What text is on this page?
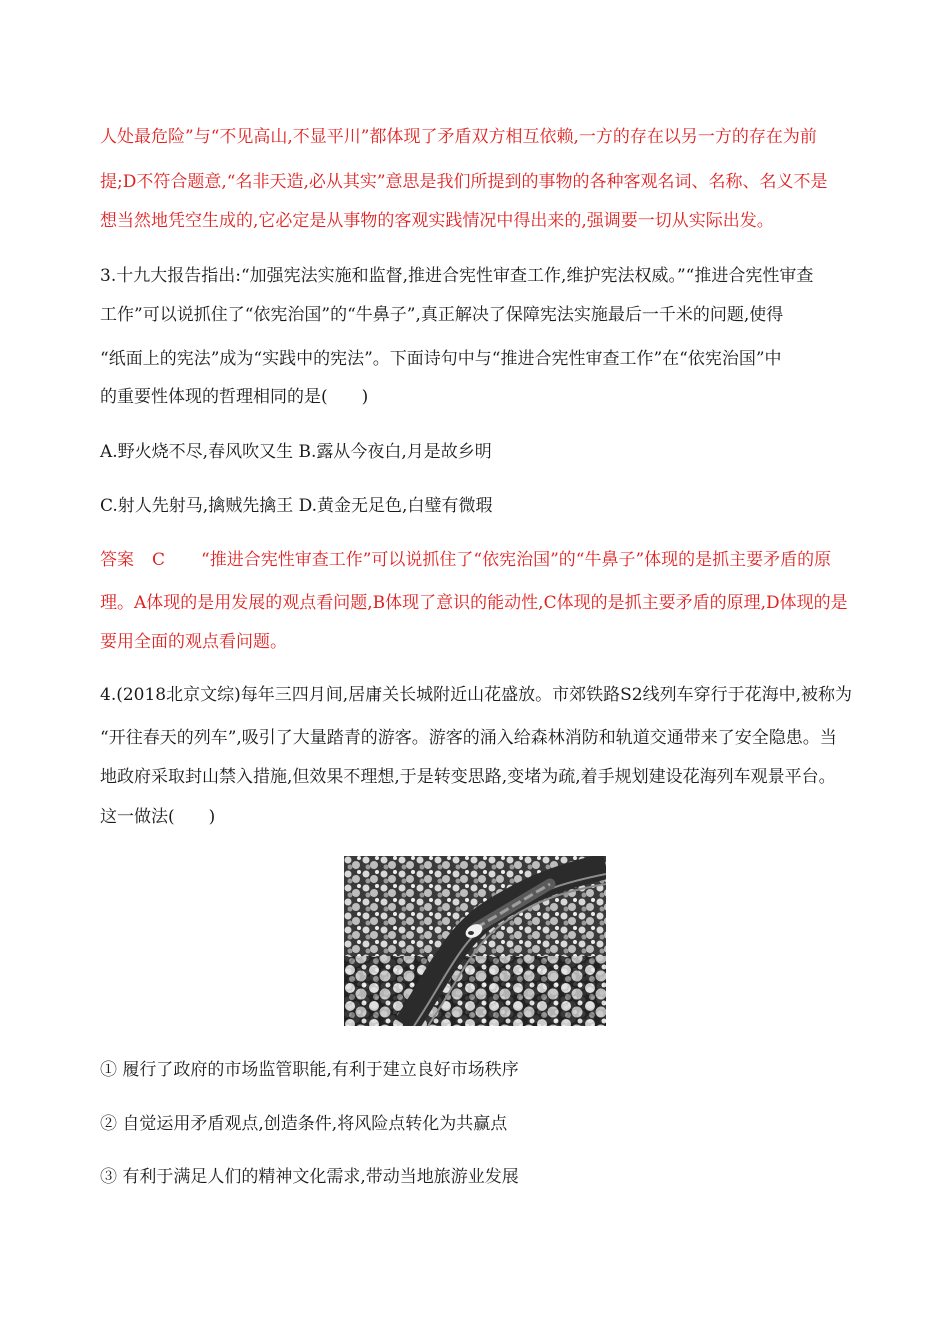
人处最危险”与“不见高山,不显平川”都体现了矛盾双方相互依赖,一方的存在以另一方的存在为前
提;D不符合题意,“名非天造,必从其实”意思是我们所提到的事物的各种客观名词、名称、名义不是
想当然地凭空生成的,它必定是从事物的客观实践情况中得出来的,强调要一切从实际出发。
3.十九大报告指出:“加强宪法实施和监督,推进合宪性审查工作,维护宪法权威。”“推进合宪性审查
工作”可以说抓住了“依宪治国”的“牛鼻子”,真正解决了保障宪法实施最后一千米的问题,使得
“纸面上的宪法”成为“实践中的宪法”。下面诗句中与“推进合宪性审查工作”在“依宪治国”中
的重要性体现的哲理相同的是(　　)
A.野火烧不尽,春风吹又生 B.露从今夜白,月是故乡明
C.射人先射马,擒贼先擒王 D.黄金无足色,白璧有微瑕
答案 C “推进合宪性审查工作”可以说抓住了“依宪治国”的“牛鼻子”体现的是抓主要矛盾的原
理。A体现的是用发展的观点看问题,B体现了意识的能动性,C体现的是抓主要矛盾的原理,D体现的是
要用全面的观点看问题。
4.(2018北京文综)每年三四月间,居庸关长城附近山花盛放。市郊铁路S2线列车穿行于花海中,被称为
“开往春天的列车”,吸引了大量踏青的游客。游客的涌入给森林消防和轨道交通带来了安全隐患。当
地政府采取封山禁入措施,但效果不理想,于是转变思路,变堵为疏,着手规划建设花海列车观景平台。
这一做法(　　)
① 履行了政府的市场监管职能,有利于建立良好市场秩序
② 自觉运用矛盾观点,创造条件,将风险点转化为共赢点
③ 有利于满足人们的精神文化需求,带动当地旅游业发展
